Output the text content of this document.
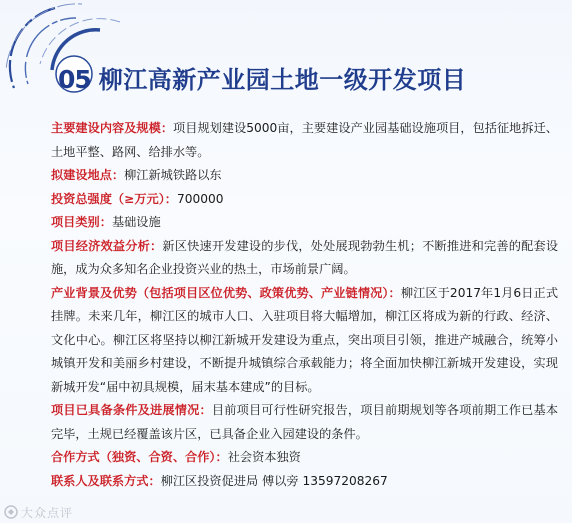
05 柳江高新产业园土地一级开发项目

主要建设内容及规模：项目规划建设5000亩，主要建设产业园基础设施项目，包括征地拆迁、土地平整、路网、给排水等。

拟建设地点：柳江新城铁路以东

投资总强度（≥万元）：700000

项目类别：基础设施

项目经济效益分析：新区快速开发建设的步伐，处处展现勃勃生机；不断推进和完善的配套设施，成为众多知名企业投资兴业的热土，市场前景广阔。

产业背景及优势（包括项目区位优势、政策优势、产业链情况）：柳江区于2017年1月6日正式挂牌。未来几年，柳江区的城市人口、入驻项目将大幅增加，柳江区将成为新的行政、经济、文化中心。柳江区将坚持以柳江新城开发建设为重点，突出项目引领，推进产城融合，统筹小城镇开发和美丽乡村建设，不断提升城镇综合承载能力；将全面加快柳江新城开发建设，实现新城开发“届中初具规模，届末基本建成”的目标。

项目已具备条件及进展情况：目前项目可行性研究报告，项目前期规划等各项前期工作已基本完毕，土规已经覆盖该片区，已具备企业入园建设的条件。

合作方式（独资、合资、合作）：社会资本独资

联系人及联系方式：柳江区投资促进局 傅以旁 13597208267

大众点评
